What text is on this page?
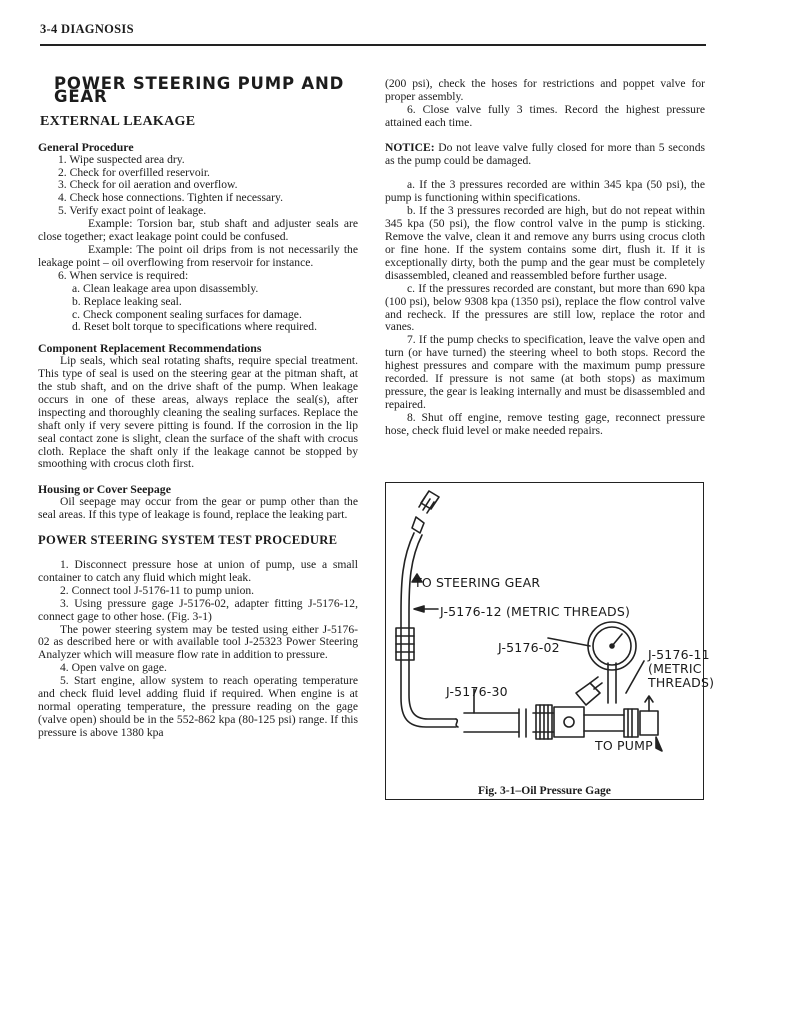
3-4 DIAGNOSIS
POWER STEERING PUMP AND GEAR
EXTERNAL LEAKAGE

General Procedure

1. Wipe suspected area dry.

2. Check for overfilled reservoir.

3. Check for oil aeration and overflow.

4. Check hose connections. Tighten if necessary.

5. Verify exact point of leakage.

Example: Torsion bar, stub shaft and adjuster seals are close together; exact leakage point could be confused.

Example: The point oil drips from is not necessarily the leakage point – oil overflowing from reservoir for instance.

6. When service is required:

a. Clean leakage area upon disassembly.

b. Replace leaking seal.

c. Check component sealing surfaces for damage.

d. Reset bolt torque to specifications where required.

Component Replacement Recommendations

Lip seals, which seal rotating shafts, require special treatment. This type of seal is used on the steering gear at the pitman shaft, at the stub shaft, and on the drive shaft of the pump. When leakage occurs in one of these areas, always replace the seal(s), after inspecting and thoroughly cleaning the sealing surfaces. Replace the shaft only if very severe pitting is found. If the corrosion in the lip seal contact zone is slight, clean the surface of the shaft with crocus cloth. Replace the shaft only if the leakage cannot be stopped by smoothing with crocus cloth first.

Housing or Cover Seepage

Oil seepage may occur from the gear or pump other than the seal areas. If this type of leakage is found, replace the leaking part.

POWER STEERING SYSTEM TEST PROCEDURE

1. Disconnect pressure hose at union of pump, use a small container to catch any fluid which might leak.

2. Connect tool J-5176-11 to pump union.

3. Using pressure gage J-5176-02, adapter fitting J-5176-12, connect gage to other hose. (Fig. 3-1)

The power steering system may be tested using either J-5176-02 as described here or with available tool J-25323 Power Steering Analyzer which will measure flow rate in addition to pressure.

4. Open valve on gage.

5. Start engine, allow system to reach operating temperature and check fluid level adding fluid if required. When engine is at normal operating temperature, the pressure reading on the gage (valve open) should be in the 552-862 kpa (80-125 psi) range. If this pressure is above 1380 kpa

(200 psi), check the hoses for restrictions and poppet valve for proper assembly.

6. Close valve fully 3 times. Record the highest pressure attained each time.

NOTICE: Do not leave valve fully closed for more than 5 seconds as the pump could be damaged.

a. If the 3 pressures recorded are within 345 kpa (50 psi), the pump is functioning within specifications.

b. If the 3 pressures recorded are high, but do not repeat within 345 kpa (50 psi), the flow control valve in the pump is sticking. Remove the valve, clean it and remove any burrs using crocus cloth or fine hone. If the system contains some dirt, flush it. If it is exceptionally dirty, both the pump and the gear must be completely disassembled, cleaned and reassembled before further usage.

c. If the pressures recorded are constant, but more than 690 kpa (100 psi), below 9308 kpa (1350 psi), replace the flow control valve and recheck. If the pressures are still low, replace the rotor and vanes.

7. If the pump checks to specification, leave the valve open and turn (or have turned) the steering wheel to both stops. Record the highest pressures and compare with the maximum pump pressure recorded. If pressure is not same (at both stops) as maximum pressure, the gear is leaking internally and must be disassembled and repaired.

8. Shut off engine, remove testing gage, reconnect pressure hose, check fluid level or make needed repairs.

TO STEERING GEAR
J-5176-12 (METRIC THREADS)
J-5176-02	J-5176-11
(METRIC
THREADS)
J-5176-30
TO PUMP
Fig. 3-1–Oil Pressure Gage
